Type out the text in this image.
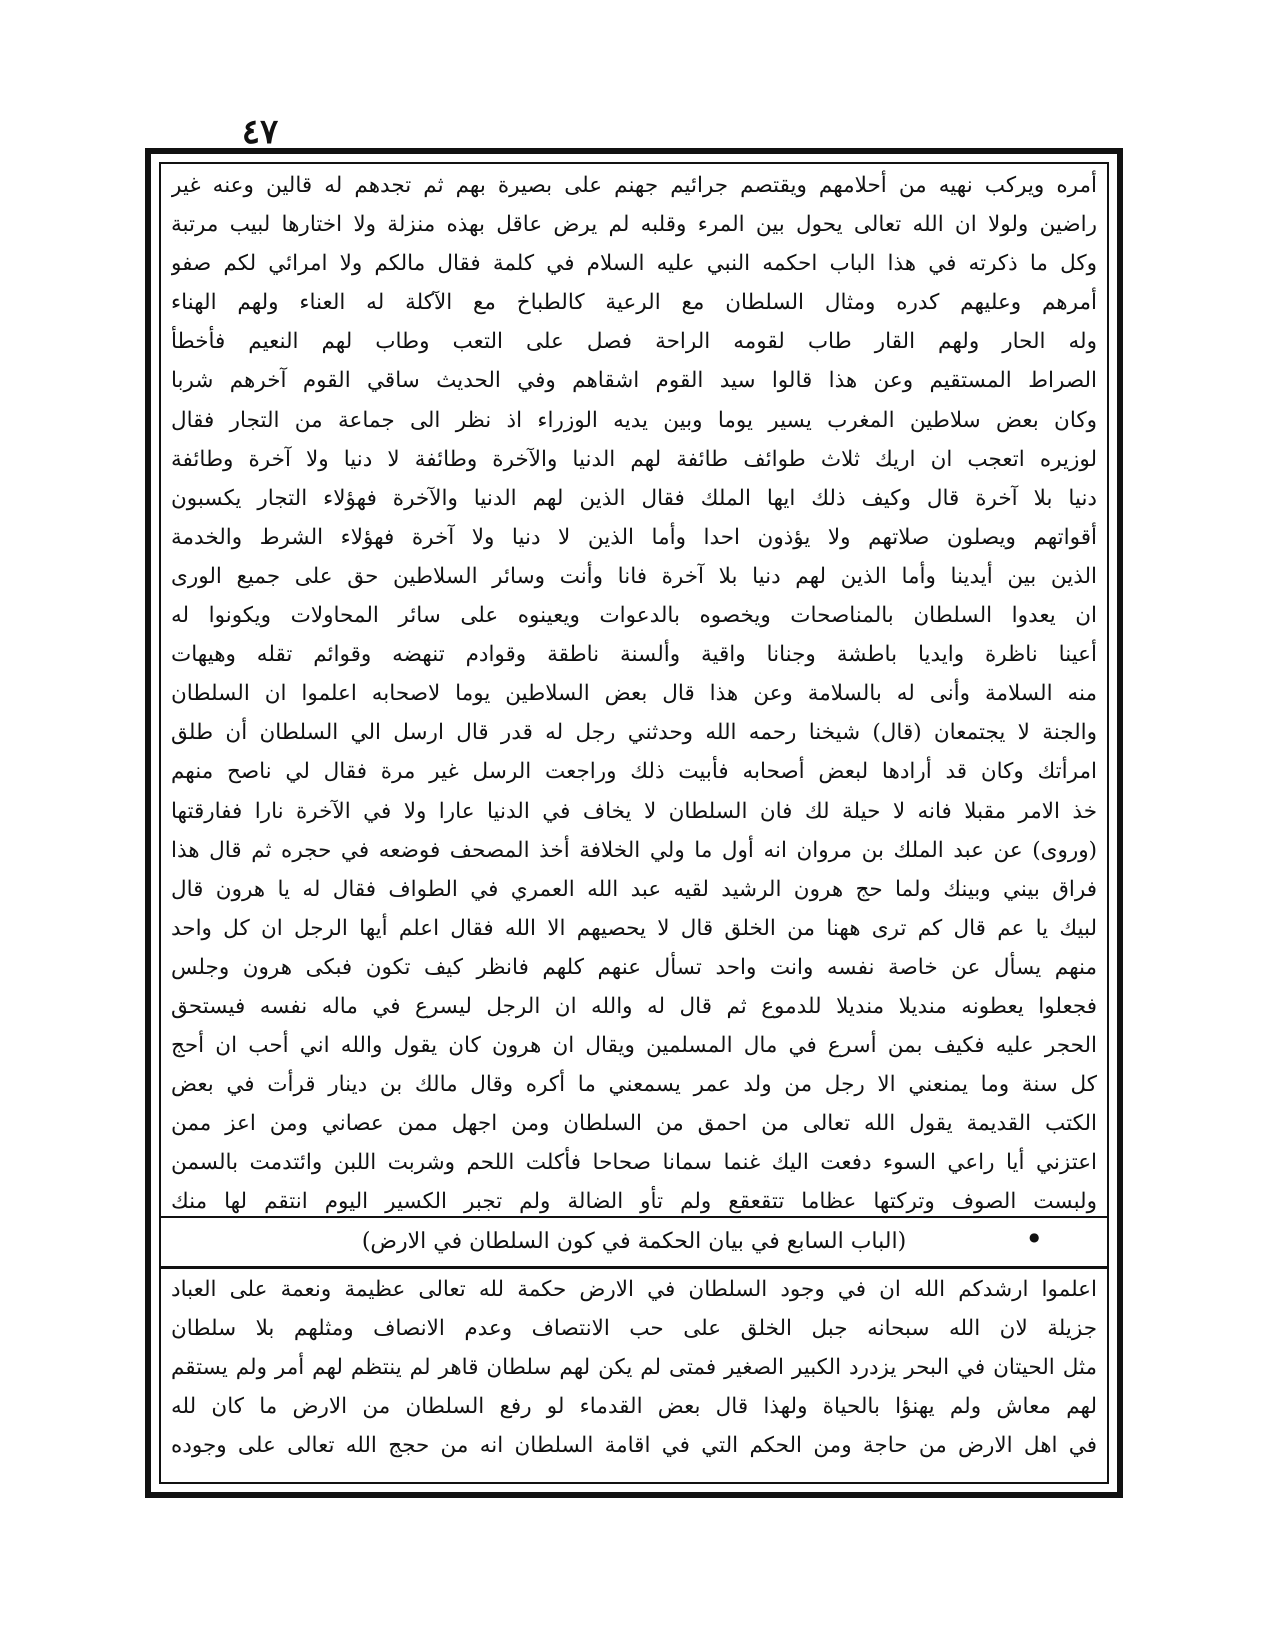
٤٧
أمره ويركب نهيه من أحلامهم ويقتصم جرائيم جهنم على بصيرة بهم ثم تجدهم له قالين وعنه غير
راضين ولولا ان الله تعالى يحول بين المرء وقلبه لم يرض عاقل بهذه منزلة ولا اختارها لبيب مرتبة
وكل ما ذكرته في هذا الباب احكمه النبي عليه السلام في كلمة فقال مالكم ولا امرائي لكم صفو
أمرهم وعليهم كدره ومثال السلطان مع الرعية كالطباخ مع الآكلة له العناء ولهم الهناء
وله الحار ولهم القار طاب لقومه الراحة فصل على التعب وطاب لهم النعيم فأخطأ
الصراط المستقيم وعن هذا قالوا سيد القوم اشقاهم وفي الحديث ساقي القوم آخرهم شربا
وكان بعض سلاطين المغرب يسير يوما وبين يديه الوزراء اذ نظر الى جماعة من التجار فقال
لوزيره اتعجب ان اريك ثلاث طوائف طائفة لهم الدنيا والآخرة وطائفة لا دنيا ولا آخرة وطائفة
دنيا بلا آخرة قال وكيف ذلك ايها الملك فقال الذين لهم الدنيا والآخرة فهؤلاء التجار يكسبون
أقواتهم ويصلون صلاتهم ولا يؤذون احدا وأما الذين لا دنيا ولا آخرة فهؤلاء الشرط والخدمة
الذين بين أيدينا وأما الذين لهم دنيا بلا آخرة فانا وأنت وسائر السلاطين حق على جميع الورى
ان يعدوا السلطان بالمناصحات ويخصوه بالدعوات ويعينوه على سائر المحاولات ويكونوا له
أعينا ناظرة وايديا باطشة وجنانا واقية وألسنة ناطقة وقوادم تنهضه وقوائم تقله وهيهات
منه السلامة وأنى له بالسلامة وعن هذا قال بعض السلاطين يوما لاصحابه اعلموا ان السلطان
والجنة لا يجتمعان (قال) شيخنا رحمه الله وحدثني رجل له قدر قال ارسل الي السلطان أن طلق
امرأتك وكان قد أرادها لبعض أصحابه فأبيت ذلك وراجعت الرسل غير مرة فقال لي ناصح منهم
خذ الامر مقبلا فانه لا حيلة لك فان السلطان لا يخاف في الدنيا عارا ولا في الآخرة نارا ففارقتها
(وروى) عن عبد الملك بن مروان انه أول ما ولي الخلافة أخذ المصحف فوضعه في حجره ثم قال هذا
فراق بيني وبينك ولما حج هرون الرشيد لقيه عبد الله العمري في الطواف فقال له يا هرون قال
لبيك يا عم قال كم ترى ههنا من الخلق قال لا يحصيهم الا الله فقال اعلم أيها الرجل ان كل واحد
منهم يسأل عن خاصة نفسه وانت واحد تسأل عنهم كلهم فانظر كيف تكون فبكى هرون وجلس
فجعلوا يعطونه منديلا منديلا للدموع ثم قال له والله ان الرجل ليسرع في ماله نفسه فيستحق
الحجر عليه فكيف بمن أسرع في مال المسلمين ويقال ان هرون كان يقول والله اني أحب ان أحج
كل سنة وما يمنعني الا رجل من ولد عمر يسمعني ما أكره وقال مالك بن دينار قرأت في بعض
الكتب القديمة يقول الله تعالى من احمق من السلطان ومن اجهل ممن عصاني ومن اعز ممن
اعتزني أيا راعي السوء دفعت اليك غنما سمانا صحاحا فأكلت اللحم وشربت اللبن وائتدمت بالسمن
ولبست الصوف وتركتها عظاما تتقعقع ولم تأو الضالة ولم تجبر الكسير اليوم انتقم لها منك
(الباب السابع في بيان الحكمة في كون السلطان في الارض)	●
اعلموا ارشدكم الله ان في وجود السلطان في الارض حكمة لله تعالى عظيمة ونعمة على العباد
جزيلة لان الله سبحانه جبل الخلق على حب الانتصاف وعدم الانصاف ومثلهم بلا سلطان
مثل الحيتان في البحر يزدرد الكبير الصغير فمتى لم يكن لهم سلطان قاهر لم ينتظم لهم أمر ولم يستقم
لهم معاش ولم يهنؤا بالحياة ولهذا قال بعض القدماء لو رفع السلطان من الارض ما كان لله
في اهل الارض من حاجة ومن الحكم التي في اقامة السلطان انه من حجج الله تعالى على وجوده
